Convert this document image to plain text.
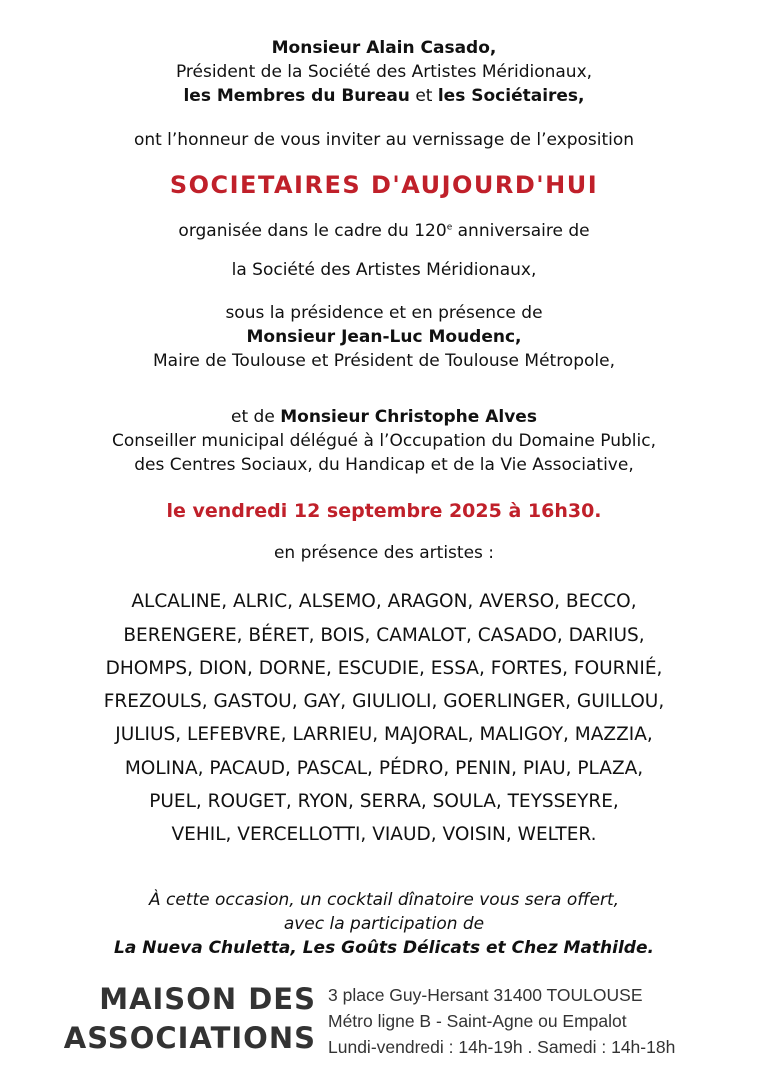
Monsieur Alain Casado,
Président de la Société des Artistes Méridionaux,
les Membres du Bureau et les Sociétaires,
ont l’honneur de vous inviter au vernissage de l’exposition
SOCIETAIRES D'AUJOURD'HUI
organisée dans le cadre du 120e anniversaire de
la Société des Artistes Méridionaux,
sous la présidence et en présence de
Monsieur Jean-Luc Moudenc,
Maire de Toulouse et Président de Toulouse Métropole,
et de Monsieur Christophe Alves
Conseiller municipal délégué à l’Occupation du Domaine Public,
des Centres Sociaux, du Handicap et de la Vie Associative,
le vendredi 12 septembre 2025 à 16h30.
en présence des artistes :
ALCALINE, ALRIC, ALSEMO, ARAGON, AVERSO, BECCO,
BERENGERE, BÉRET, BOIS, CAMALOT, CASADO, DARIUS,
DHOMPS, DION, DORNE, ESCUDIE, ESSA, FORTES, FOURNIÉ,
FREZOULS, GASTOU, GAY, GIULIOLI, GOERLINGER, GUILLOU,
JULIUS, LEFEBVRE, LARRIEU, MAJORAL, MALIGOY, MAZZIA,
MOLINA, PACAUD, PASCAL, PÉDRO, PENIN, PIAU, PLAZA,
PUEL, ROUGET, RYON, SERRA, SOULA, TEYSSEYRE,
VEHIL, VERCELLOTTI, VIAUD, VOISIN, WELTER.
À cette occasion, un cocktail dînatoire vous sera offert,
avec la participation de
La Nueva Chuletta, Les Goûts Délicats et Chez Mathilde.
MAISON DES
ASSOCIATIONS
3 place Guy-Hersant 31400 TOULOUSE
Métro ligne B - Saint-Agne ou Empalot
Lundi-vendredi : 14h-19h . Samedi : 14h-18h
